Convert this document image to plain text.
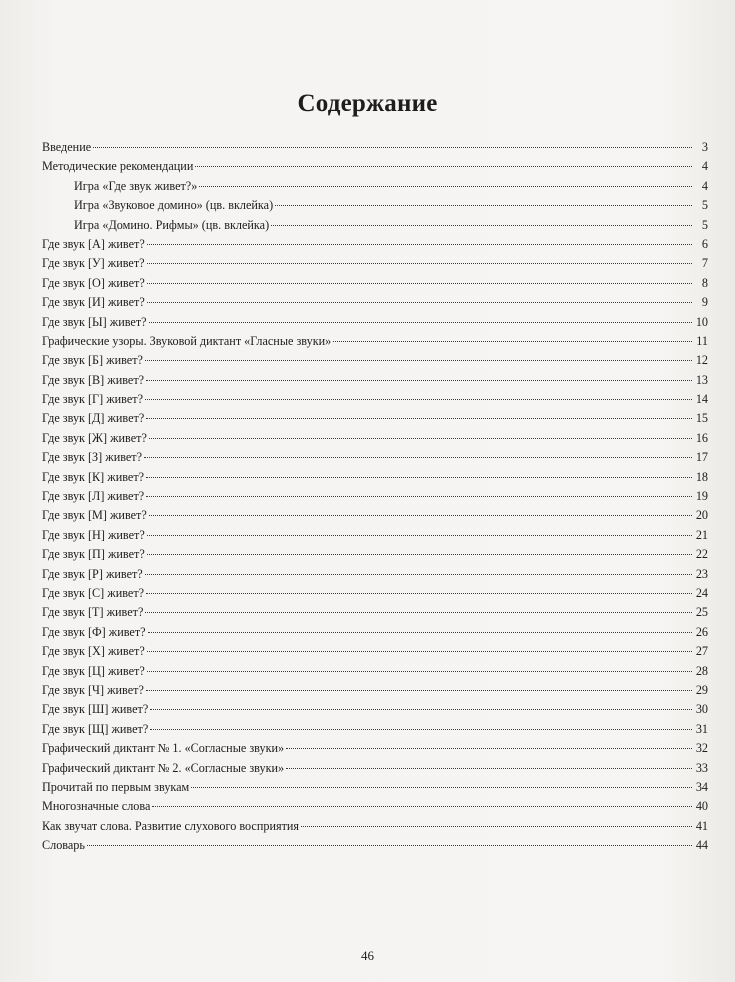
Содержание
Введение	3
Методические рекомендации	4
Игра «Где звук живет?»	4
Игра «Звуковое домино» (цв. вклейка)	5
Игра «Домино. Рифмы» (цв. вклейка)	5
Где звук [А] живет?	6
Где звук [У] живет?	7
Где звук [О] живет?	8
Где звук [И] живет?	9
Где звук [Ы] живет?	10
Графические узоры. Звуковой диктант «Гласные звуки»	11
Где звук [Б] живет?	12
Где звук [В] живет?	13
Где звук [Г] живет?	14
Где звук [Д] живет?	15
Где звук [Ж] живет?	16
Где звук [З] живет?	17
Где звук [К] живет?	18
Где звук [Л] живет?	19
Где звук [М] живет?	20
Где звук [Н] живет?	21
Где звук [П] живет?	22
Где звук [Р] живет?	23
Где звук [С] живет?	24
Где звук [Т] живет?	25
Где звук [Ф] живет?	26
Где звук [Х] живет?	27
Где звук [Ц] живет?	28
Где звук [Ч] живет?	29
Где звук [Ш] живет?	30
Где звук [Щ] живет?	31
Графический диктант № 1. «Согласные звуки»	32
Графический диктант № 2. «Согласные звуки»	33
Прочитай по первым звукам	34
Многозначные слова	40
Как звучат слова. Развитие слухового восприятия	41
Словарь	44
46
